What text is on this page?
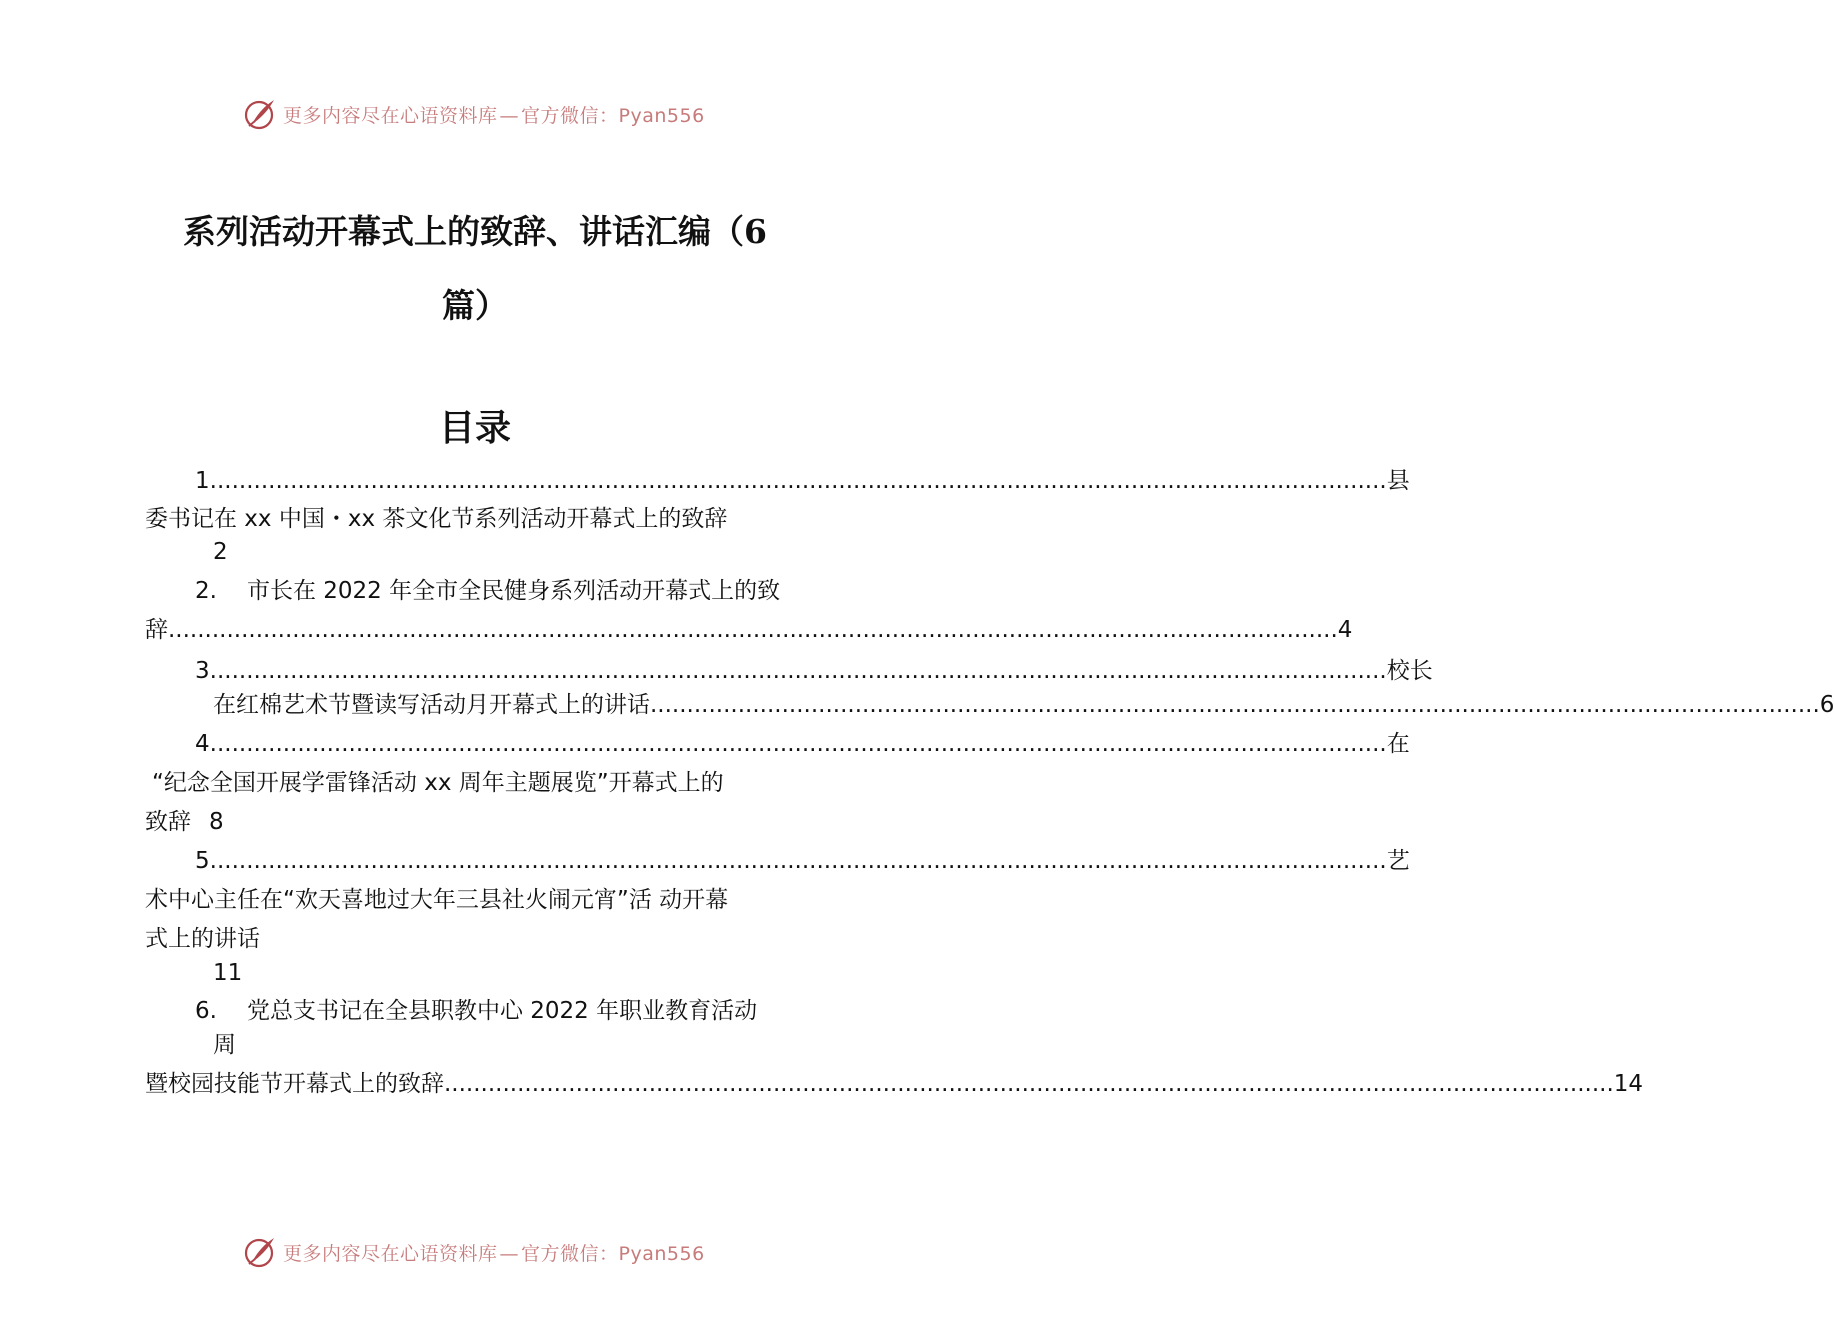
更多内容尽在心语资料库 — 官方微信：Pyan556
系列活动开幕式上的致辞、讲话汇编（6
篇）
目录
1. ................................................................................................................................................................ 县
委书记在 xx 中国・xx 茶文化节系列活动开幕式上的致辞
2
2. 市长在 2022 年全市全民健身系列活动开幕式上的致
辞 ................................................................................................................................................................ 4
3. ................................................................................................................................................................ 校长
在红棉艺术节暨读写活动月开幕式上的讲话 ................................................................................................................................................................ 6
4. ................................................................................................................................................................ 在
“纪念全国开展学雷锋活动 xx 周年主题展览”开幕式上的
致辞 8
5. ................................................................................................................................................................ 艺
术中心主任在“欢天喜地过大年三县社火闹元宵”活 动开幕
式上的讲话
11
6. 党总支书记在全县职教中心 2022 年职业教育活动
周
暨校园技能节开幕式上的致辞 ................................................................................................................................................................ 14
更多内容尽在心语资料库 — 官方微信：Pyan556
